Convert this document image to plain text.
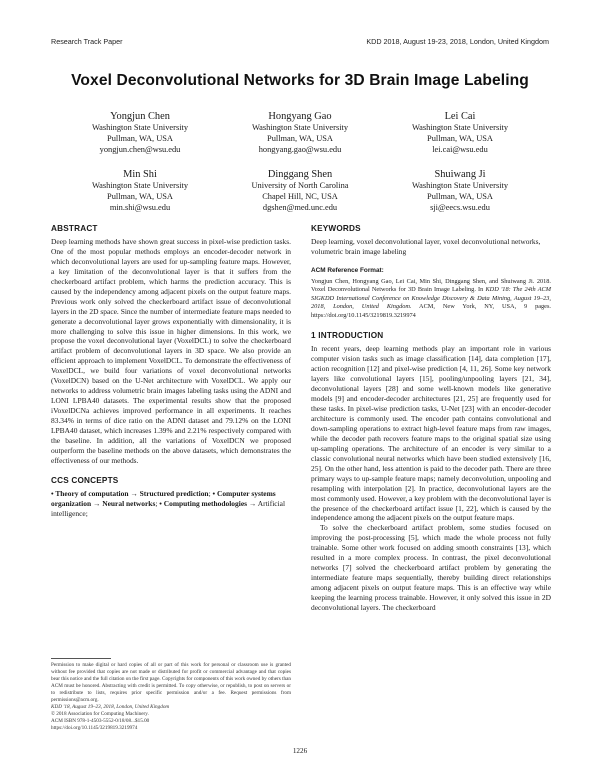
Research Track Paper	KDD 2018, August 19-23, 2018, London, United Kingdom
Voxel Deconvolutional Networks for 3D Brain Image Labeling
Yongjun Chen
Washington State University
Pullman, WA, USA
yongjun.chen@wsu.edu
Hongyang Gao
Washington State University
Pullman, WA, USA
hongyang.gao@wsu.edu
Lei Cai
Washington State University
Pullman, WA, USA
lei.cai@wsu.edu
Min Shi
Washington State University
Pullman, WA, USA
min.shi@wsu.edu
Dinggang Shen
University of North Carolina
Chapel Hill, NC, USA
dgshen@med.unc.edu
Shuiwang Ji
Washington State University
Pullman, WA, USA
sji@eecs.wsu.edu

ABSTRACT

Deep learning methods have shown great success in pixel-wise prediction tasks. One of the most popular methods employs an encoder-decoder network in which deconvolutional layers are used for up-sampling feature maps. However, a key limitation of the deconvolutional layer is that it suffers from the checkerboard artifact problem, which harms the prediction accuracy. This is caused by the independency among adjacent pixels on the output feature maps. Previous work only solved the checkerboard artifact issue of deconvolutional layers in the 2D space. Since the number of intermediate feature maps needed to generate a deconvolutional layer grows exponentially with dimensionality, it is more challenging to solve this issue in higher dimensions. In this work, we propose the voxel deconvolutional layer (VoxelDCL) to solve the checkerboard artifact problem of deconvolutional layers in 3D space. We also provide an efficient approach to implement VoxelDCL. To demonstrate the effectiveness of VoxelDCL, we build four variations of voxel deconvolutional networks (VoxelDCN) based on the U-Net architecture with VoxelDCL. We apply our networks to address volumetric brain images labeling tasks using the ADNI and LONI LPBA40 datasets. The experimental results show that the proposed iVoxelDCNa achieves improved performance in all experiments. It reaches 83.34% in terms of dice ratio on the ADNI dataset and 79.12% on the LONI LPBA40 dataset, which increases 1.39% and 2.21% respectively compared with the baseline. In addition, all the variations of VoxelDCN we proposed outperform the baseline methods on the above datasets, which demonstrates the effectiveness of our methods.

CCS CONCEPTS

• Theory of computation → Structured prediction; • Computer systems organization → Neural networks; • Computing methodologies → Artificial intelligence;

Permission to make digital or hard copies of all or part of this work for personal or classroom use is granted without fee provided that copies are not made or distributed for profit or commercial advantage and that copies bear this notice and the full citation on the first page. Copyrights for components of this work owned by others than ACM must be honored. Abstracting with credit is permitted. To copy otherwise, or republish, to post on servers or to redistribute to lists, requires prior specific permission and/or a fee. Request permissions from permissions@acm.org.

KDD '18, August 19–23, 2018, London, United Kingdom

© 2018 Association for Computing Machinery.

ACM ISBN 978-1-4503-5552-0/18/08...$15.00

https://doi.org/10.1145/3219819.3219974

KEYWORDS

Deep learning, voxel deconvolutional layer, voxel deconvolutional networks, volumetric brain image labeling

ACM Reference Format:

Yongjun Chen, Hongyang Gao, Lei Cai, Min Shi, Dinggang Shen, and Shuiwang Ji. 2018. Voxel Deconvolutional Networks for 3D Brain Image Labeling. In KDD '18: The 24th ACM SIGKDD International Conference on Knowledge Discovery & Data Mining, August 19–23, 2018, London, United Kingdom. ACM, New York, NY, USA, 9 pages. https://doi.org/10.1145/3219819.3219974

1 INTRODUCTION

In recent years, deep learning methods play an important role in various computer vision tasks such as image classification [14], data completion [17], action recognition [12] and pixel-wise prediction [4, 11, 26]. Some key network layers like convolutional layers [15], pooling/unpooling layers [21, 34], deconvolutional layers [28] and some well-known models like generative models [9] and encoder-decoder architectures [21, 25] are frequently used for these tasks. In pixel-wise prediction tasks, U-Net [23] with an encoder-decoder architecture is commonly used. The encoder path contains convolutional and down-sampling operations to extract high-level feature maps from raw images, while the decoder path recovers feature maps to the original spatial size using up-sampling operations. The architecture of an encoder is very similar to a classic convolutional neural networks which have been studied extensively [16, 25]. On the other hand, less attention is paid to the decoder path. There are three primary ways to up-sample feature maps; namely deconvolution, unpooling and resampling with interpolation [2]. In practice, deconvolutional layers are the most commonly used. However, a key problem with the deconvolutional layer is the presence of the checkerboard artifact issue [1, 22], which is caused by the independence among the adjacent pixels on the output feature maps.

To solve the checkerboard artifact problem, some studies focused on improving the post-processing [5], which made the whole process not fully trainable. Some other work focused on adding smooth constraints [13], which resulted in a more complex process. In contrast, the pixel deconvolutional networks [7] solved the checkerboard artifact problem by generating the intermediate feature maps sequentially, thereby building direct relationships among adjacent pixels on output feature maps. This is an effective way while keeping the learning process trainable. However, it only solved this issue in 2D deconvolutional layers. The checkerboard

1226
